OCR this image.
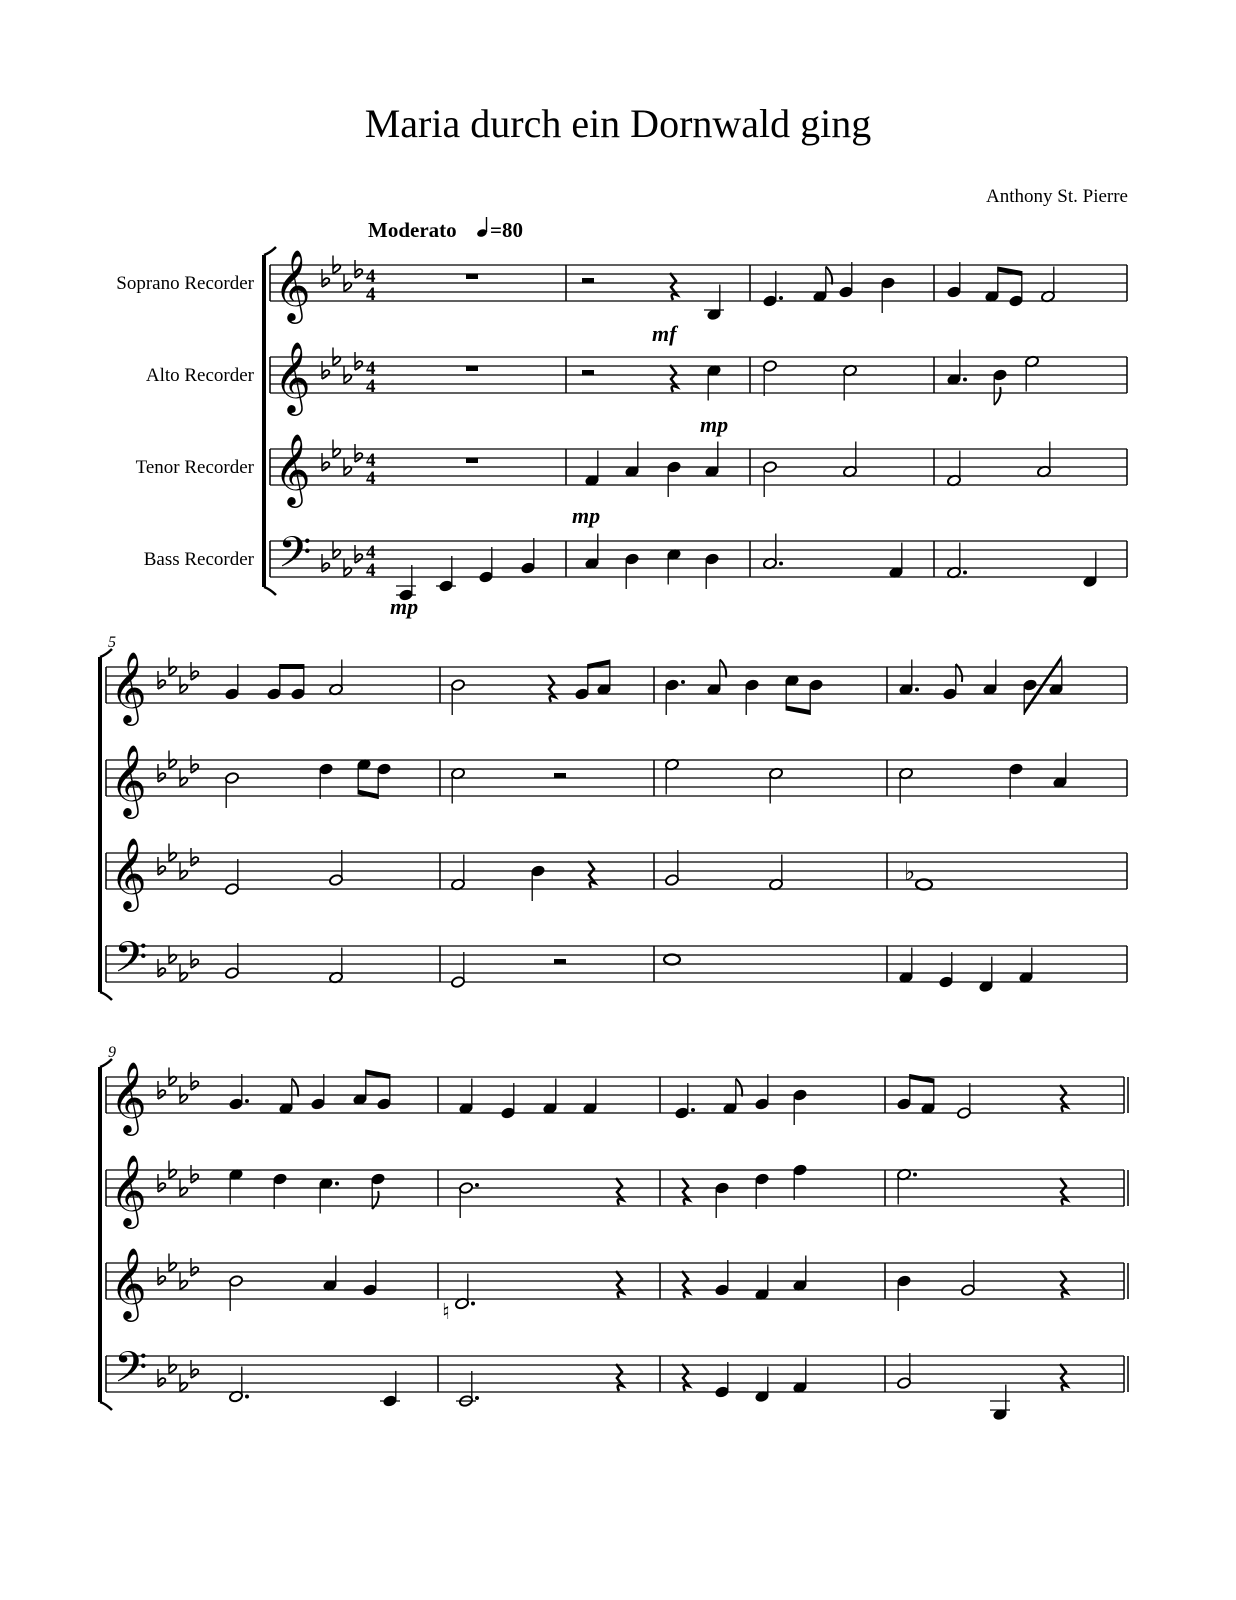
Maria durch ein Dornwald ging
Anthony St. Pierre
𝄞	4
4
𝄞	4
4
𝄞	4
4
𝄢	4
4
𝄞
𝄞
𝄞
𝄢
𝄞
𝄞
𝄞
𝄢
♭
♮
Soprano Recorder
Alto Recorder
Tenor Recorder
Bass Recorder
5
9
Moderato =80
mf
mp
mp
mp
